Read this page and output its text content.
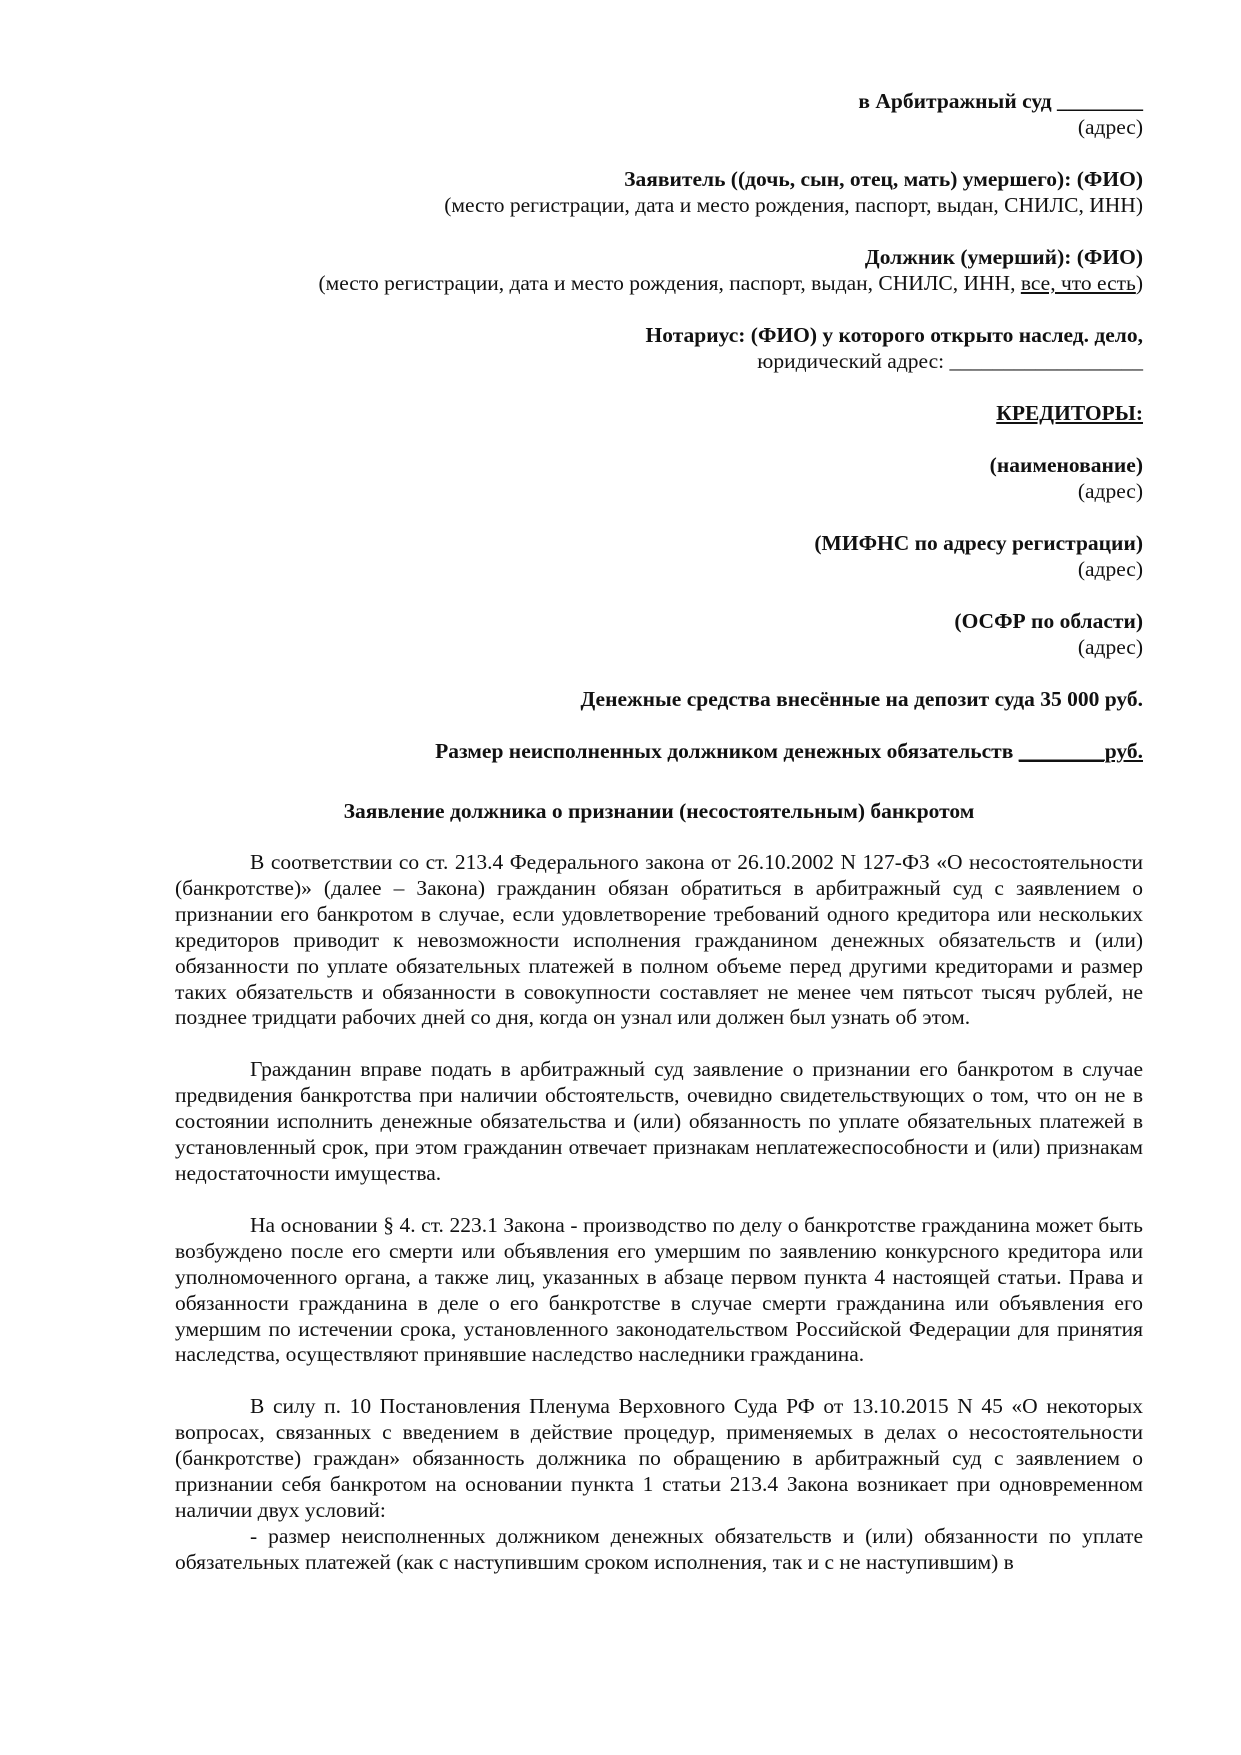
в Арбитражный суд ________
(адрес)
Заявитель ((дочь, сын, отец, мать) умершего): (ФИО)
(место регистрации, дата и место рождения, паспорт, выдан, СНИЛС, ИНН)
Должник (умерший): (ФИО)
(место регистрации, дата и место рождения, паспорт, выдан, СНИЛС, ИНН, все, что есть)
Нотариус: (ФИО) у которого открыто наслед. дело,
юридический адрес: __________________
КРЕДИТОРЫ:
(наименование)
(адрес)
(МИФНС по адресу регистрации)
(адрес)
(ОСФР по области)
(адрес)
Денежные средства внесённые на депозит суда 35 000 руб.
Размер неисполненных должником денежных обязательств ________руб.
Заявление должника о признании (несостоятельным) банкротом

В соответствии со ст. 213.4 Федерального закона от 26.10.2002 N 127-ФЗ «О несостоятельности (банкротстве)» (далее – Закона) гражданин обязан обратиться в арбитражный суд с заявлением о признании его банкротом в случае, если удовлетворение требований одного кредитора или нескольких кредиторов приводит к невозможности исполнения гражданином денежных обязательств и (или) обязанности по уплате обязательных платежей в полном объеме перед другими кредиторами и размер таких обязательств и обязанности в совокупности составляет не менее чем пятьсот тысяч рублей, не позднее тридцати рабочих дней со дня, когда он узнал или должен был узнать об этом.

Гражданин вправе подать в арбитражный суд заявление о признании его банкротом в случае предвидения банкротства при наличии обстоятельств, очевидно свидетельствующих о том, что он не в состоянии исполнить денежные обязательства и (или) обязанность по уплате обязательных платежей в установленный срок, при этом гражданин отвечает признакам неплатежеспособности и (или) признакам недостаточности имущества.

На основании § 4. ст. 223.1 Закона - производство по делу о банкротстве гражданина может быть возбуждено после его смерти или объявления его умершим по заявлению конкурсного кредитора или уполномоченного органа, а также лиц, указанных в абзаце первом пункта 4 настоящей статьи. Права и обязанности гражданина в деле о его банкротстве в случае смерти гражданина или объявления его умершим по истечении срока, установленного законодательством Российской Федерации для принятия наследства, осуществляют принявшие наследство наследники гражданина.

В силу п. 10 Постановления Пленума Верховного Суда РФ от 13.10.2015 N 45 «О некоторых вопросах, связанных с введением в действие процедур, применяемых в делах о несостоятельности (банкротстве) граждан» обязанность должника по обращению в арбитражный суд с заявлением о признании себя банкротом на основании пункта 1 статьи 213.4 Закона возникает при одновременном наличии двух условий:

- размер неисполненных должником денежных обязательств и (или) обязанности по уплате обязательных платежей (как с наступившим сроком исполнения, так и с не наступившим) в
